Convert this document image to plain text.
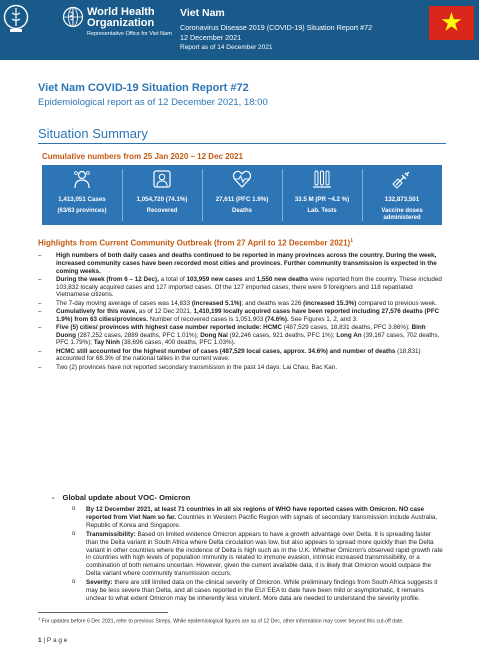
World Health Organization
Representative Office for Viet Nam
Viet Nam
Coronavirus Disease 2019 (COVID-19) Situation Report #72
12 December 2021
Report as of 14 December 2021
Viet Nam COVID-19 Situation Report #72
Epidemiological report as of 12 December 2021, 18:00
Situation Summary
Cumulative numbers from 25 Jan 2020 – 12 Dec 2021
1,413,051 Cases
(63/63 provinces)
1,054,720 (74.1%)
Recovered
27,611 (PFC 1.9%)
Deaths
33.5 M (PR ~4.2 %)
Lab. Tests
132,873,501
Vaccine doses administered
Highlights from Current Community Outbreak (from 27 April to 12 December 2021)$^1$
– High numbers of both daily cases and deaths continued to be reported in many provinces across the country. During the week, increased community cases have been recorded most cities and provinces. Further community transmission is expected in the coming weeks.
– During the week (from 6 – 12 Dec), a total of 103,959 new cases and 1,550 new deaths were reported from the country. These included 103,832 locally acquired cases and 127 imported cases. Of the 127 imported cases, there were 9 foreigners and 118 repatriated Vietnamese citizens.
– The 7-day moving average of cases was 14,833 (increased 5.1%); and deaths was 226 (increased 15.3%) compared to previous week.
– Cumulatively for this wave, as of 12 Dec 2021, 1,410,199 locally acquired cases have been reported including 27,576 deaths (PFC 1.9%) from 63 cities/provinces. Number of recovered cases is 1,051,903 (74.6%). See Figures 1, 2, and 3.
– Five (5) cities/ provinces with highest case number reported include: HCMC (487,529 cases, 18,831 deaths, PFC 3.86%); Binh Duong (287,252 cases, 2889 deaths, PFC 1.01%); Dong Nai (92,246 cases, 921 deaths, PFC 1%); Long An (39,167 cases, 702 deaths, PFC 1.79%); Tay Ninh (38,696 cases, 400 deaths, PFC 1.03%).
– HCMC still accounted for the highest number of cases (487,529 local cases, approx. 34.6%) and number of deaths (18,831) accounted for 68.3% of the national tallies in the current wave.
– Two (2) provinces have not reported secondary transmission in the past 14 days: Lai Chau, Bac Kan.
- Global update about VOC- Omicron
o By 12 December 2021, at least 71 countries in all six regions of WHO have reported cases with Omicron. NO case reported from Viet Nam so far. Countries in Western Pacific Region with signals of secondary transmission include Australia, Republic of Korea and Singapore.
o Transmissibility: Based on limited evidence Omicron appears to have a growth advantage over Delta. It is spreading faster than the Delta variant in South Africa where Delta circulation was low, but also appears to spread more quickly than the Delta variant in other countries where the incidence of Delta is high such as in the U.K. Whether Omicron's observed rapid growth rate in countries with high levels of population immunity is related to immune evasion, intrinsic increased transmissibility, or a combination of both remains uncertain. However, given the current available data, it is likely that Omicron would outpace the Delta variant where community transmission occurs.
o Severity: there are still limited data on the clinical severity of Omicron. While preliminary findings from South Africa suggests it may be less severe than Delta, and all cases reported in the EU/ EEA to date have been mild or asymptomatic, it remains unclear to what extent Omicron may be inherently less virulent. More data are needed to understand the severity profile.
$^1$ For updates before 6 Dec 2021, refer to previous Streps. While epidemiological figures are as of 12 Dec, other information may cover beyond this cut-off date.
1 | P a g e
